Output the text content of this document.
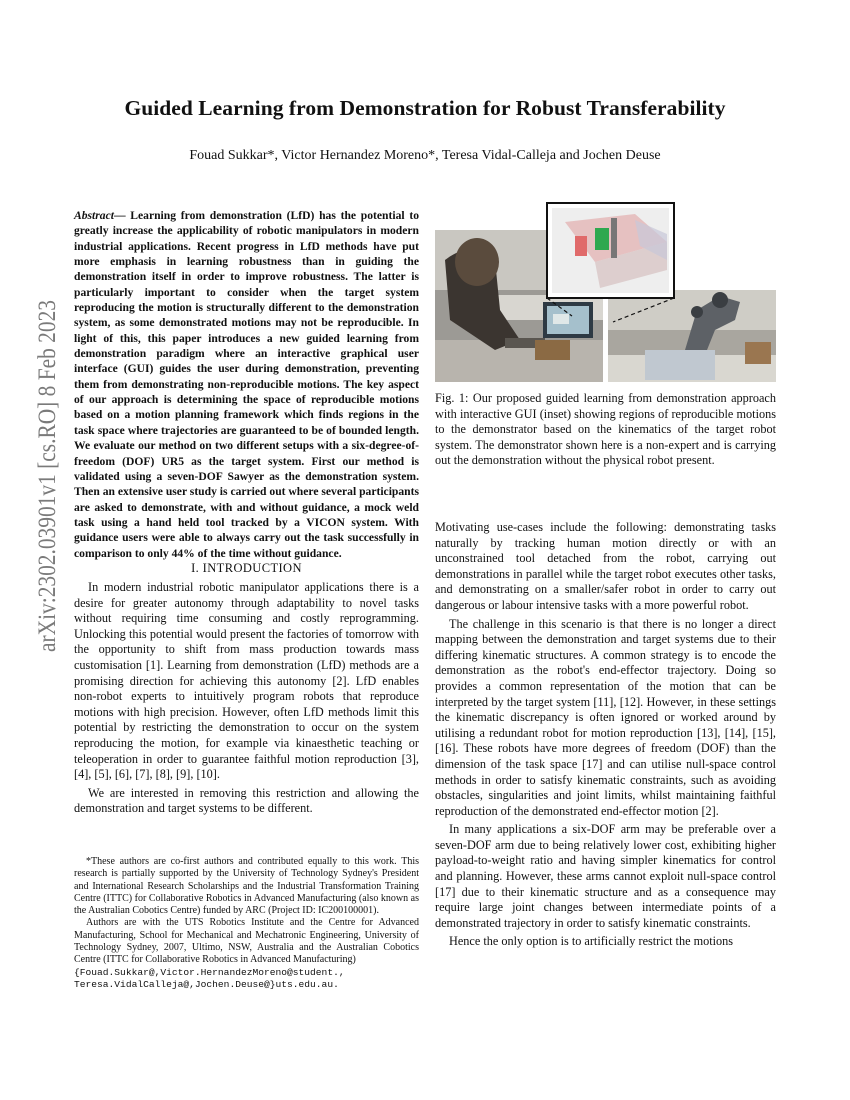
arXiv:2302.03901v1 [cs.RO] 8 Feb 2023
Guided Learning from Demonstration for Robust Transferability
Fouad Sukkar*, Victor Hernandez Moreno*, Teresa Vidal-Calleja and Jochen Deuse
Abstract— Learning from demonstration (LfD) has the potential to greatly increase the applicability of robotic manipulators in modern industrial applications. Recent progress in LfD methods have put more emphasis in learning robustness than in guiding the demonstration itself in order to improve robustness. The latter is particularly important to consider when the target system reproducing the motion is structurally different to the demonstration system, as some demonstrated motions may not be reproducible. In light of this, this paper introduces a new guided learning from demonstration paradigm where an interactive graphical user interface (GUI) guides the user during demonstration, preventing them from demonstrating non-reproducible motions. The key aspect of our approach is determining the space of reproducible motions based on a motion planning framework which finds regions in the task space where trajectories are guaranteed to be of bounded length. We evaluate our method on two different setups with a six-degree-of-freedom (DOF) UR5 as the target system. First our method is validated using a seven-DOF Sawyer as the demonstration system. Then an extensive user study is carried out where several participants are asked to demonstrate, with and without guidance, a mock weld task using a hand held tool tracked by a VICON system. With guidance users were able to always carry out the task successfully in comparison to only 44% of the time without guidance.
I. INTRODUCTION

In modern industrial robotic manipulator applications there is a desire for greater autonomy through adaptability to novel tasks without requiring time consuming and costly reprogramming. Unlocking this potential would present the factories of tomorrow with the opportunity to shift from mass production towards mass customisation [1]. Learning from demonstration (LfD) methods are a promising direction for achieving this autonomy [2]. LfD enables non-robot experts to intuitively program robots that reproduce motions with high precision. However, often LfD methods limit this potential by restricting the demonstration to occur on the system reproducing the motion, for example via kinaesthetic teaching or teleoperation in order to guarantee faithful motion reproduction [3], [4], [5], [6], [7], [8], [9], [10].

We are interested in removing this restriction and allowing the demonstration and target systems to be different.

*These authors are co-first authors and contributed equally to this work. This research is partially supported by the University of Technology Sydney's President and International Research Scholarships and the Industrial Transformation Training Centre (ITTC) for Collaborative Robotics in Advanced Manufacturing (also known as the Australian Cobotics Centre) funded by ARC (Project ID: IC200100001).

Authors are with the UTS Robotics Institute and the Centre for Advanced Manufacturing, School for Mechanical and Mechatronic Engineering, University of Technology Sydney, 2007, Ultimo, NSW, Australia and the Australian Cobotics Centre (ITTC for Collaborative Robotics in Advanced Manufacturing)

{Fouad.Sukkar@,Victor.HernandezMoreno@student.,
Teresa.VidalCalleja@,Jochen.Deuse@}uts.edu.au.
Fig. 1: Our proposed guided learning from demonstration approach with interactive GUI (inset) showing regions of reproducible motions to the demonstrator based on the kinematics of the target robot system. The demonstrator shown here is a non-expert and is carrying out the demonstration without the physical robot present.

Motivating use-cases include the following: demonstrating tasks naturally by tracking human motion directly or with an unconstrained tool detached from the robot, carrying out demonstrations in parallel while the target robot executes other tasks, and demonstrating on a smaller/safer robot in order to carry out dangerous or labour intensive tasks with a more powerful robot.

The challenge in this scenario is that there is no longer a direct mapping between the demonstration and target systems due to their differing kinematic structures. A common strategy is to encode the demonstration as the robot's end-effector trajectory. Doing so provides a common representation of the motion that can be interpreted by the target system [11], [12]. However, in these settings the kinematic discrepancy is often ignored or worked around by utilising a redundant robot for motion reproduction [13], [14], [15], [16]. These robots have more degrees of freedom (DOF) than the dimension of the task space [17] and can utilise null-space control methods in order to satisfy kinematic constraints, such as avoiding obstacles, singularities and joint limits, whilst maintaining faithful reproduction of the demonstrated end-effector motion [2].

In many applications a six-DOF arm may be preferable over a seven-DOF arm due to being relatively lower cost, exhibiting higher payload-to-weight ratio and having simpler kinematics for control and planning. However, these arms cannot exploit null-space control [17] due to their kinematic structure and as a consequence may require large joint changes between intermediate points of a demonstrated trajectory in order to satisfy kinematic constraints.

Hence the only option is to artificially restrict the motions
